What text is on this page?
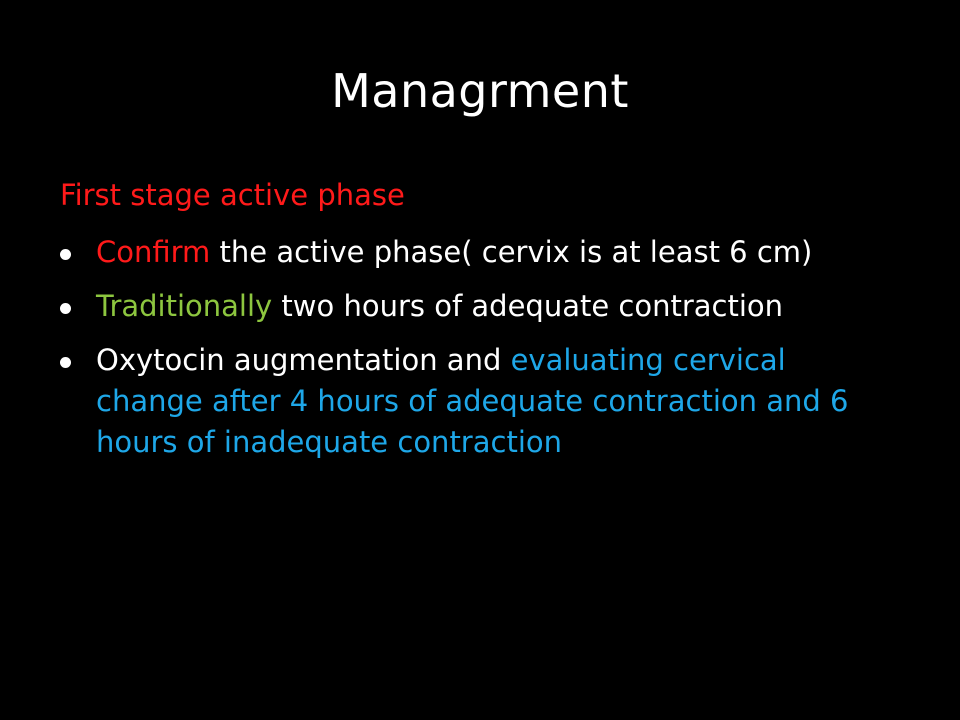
Managrment
First stage active phase
Confirm the active phase( cervix is at least 6 cm)
Traditionally two hours of adequate contraction
Oxytocin augmentation and evaluating cervical change after 4 hours of adequate contraction and 6 hours of inadequate contraction
